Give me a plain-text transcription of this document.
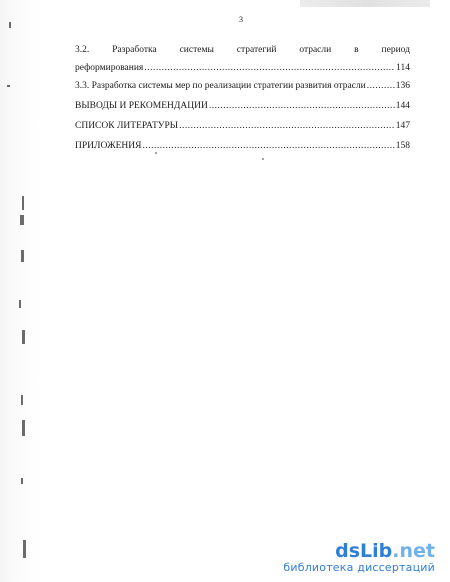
3
3.2. Разработка системы стратегий отрасли в период
реформирования .....	114
3.3. Разработка системы мер по реализации стратегии развития отрасли .....	136
ВЫВОДЫ И РЕКОМЕНДАЦИИ .....	144
СПИСОК ЛИТЕРАТУРЫ .....	147
ПРИЛОЖЕНИЯ .....	158
dsLib.net
библиотека диссертаций
